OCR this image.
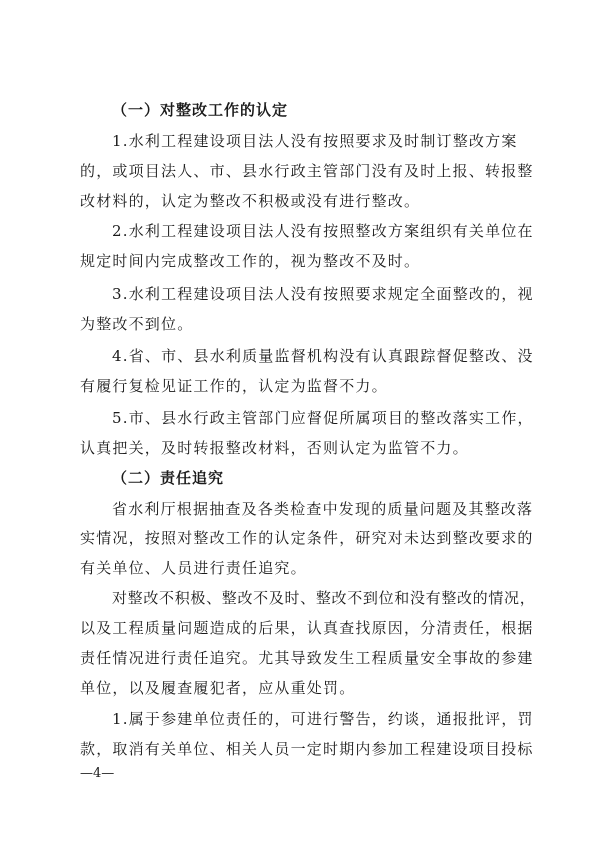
（一）对整改工作的认定
1.水利工程建设项目法人没有按照要求及时制订整改方案
的，或项目法人、市、县水行政主管部门没有及时上报、转报整
改材料的，认定为整改不积极或没有进行整改。
2.水利工程建设项目法人没有按照整改方案组织有关单位在
规定时间内完成整改工作的，视为整改不及时。
3.水利工程建设项目法人没有按照要求规定全面整改的，视
为整改不到位。
4.省、市、县水利质量监督机构没有认真跟踪督促整改、没
有履行复检见证工作的，认定为监督不力。
5.市、县水行政主管部门应督促所属项目的整改落实工作，
认真把关，及时转报整改材料，否则认定为监管不力。
（二）责任追究
省水利厅根据抽查及各类检查中发现的质量问题及其整改落
实情况，按照对整改工作的认定条件，研究对未达到整改要求的
有关单位、人员进行责任追究。
对整改不积极、整改不及时、整改不到位和没有整改的情况，
以及工程质量问题造成的后果，认真查找原因，分清责任，根据
责任情况进行责任追究。尤其导致发生工程质量安全事故的参建
单位，以及履查履犯者，应从重处罚。
1.属于参建单位责任的，可进行警告，约谈，通报批评，罚
款，取消有关单位、相关人员一定时期内参加工程建设项目投标
—4—
